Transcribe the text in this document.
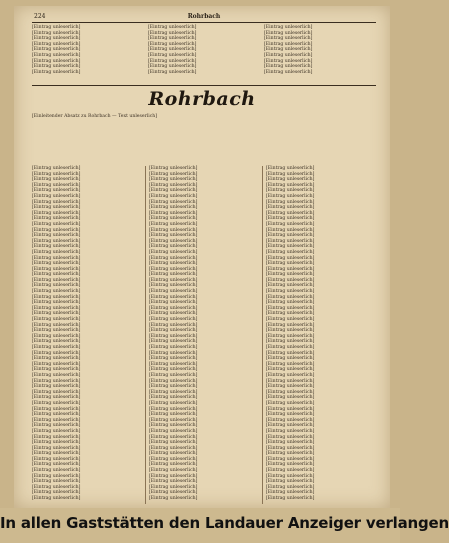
224	Rohrbach
[Eintrag unleserlich]
[Eintrag unleserlich]
[Eintrag unleserlich]
[Eintrag unleserlich]
[Eintrag unleserlich]
[Eintrag unleserlich]
[Eintrag unleserlich]
[Eintrag unleserlich]
[Eintrag unleserlich]
[Eintrag unleserlich]
[Eintrag unleserlich]
[Eintrag unleserlich]
[Eintrag unleserlich]
[Eintrag unleserlich]
[Eintrag unleserlich]
[Eintrag unleserlich]
[Eintrag unleserlich]
[Eintrag unleserlich]
[Eintrag unleserlich]
[Eintrag unleserlich]
[Eintrag unleserlich]
[Eintrag unleserlich]
[Eintrag unleserlich]
[Eintrag unleserlich]
[Eintrag unleserlich]
[Eintrag unleserlich]
[Eintrag unleserlich]
Rohrbach
[Einleitender Absatz zu Rohrbach — Text unleserlich]
[Eintrag unleserlich]
[Eintrag unleserlich]
[Eintrag unleserlich]
[Eintrag unleserlich]
[Eintrag unleserlich]
[Eintrag unleserlich]
[Eintrag unleserlich]
[Eintrag unleserlich]
[Eintrag unleserlich]
[Eintrag unleserlich]
[Eintrag unleserlich]
[Eintrag unleserlich]
[Eintrag unleserlich]
[Eintrag unleserlich]
[Eintrag unleserlich]
[Eintrag unleserlich]
[Eintrag unleserlich]
[Eintrag unleserlich]
[Eintrag unleserlich]
[Eintrag unleserlich]
[Eintrag unleserlich]
[Eintrag unleserlich]
[Eintrag unleserlich]
[Eintrag unleserlich]
[Eintrag unleserlich]
[Eintrag unleserlich]
[Eintrag unleserlich]
[Eintrag unleserlich]
[Eintrag unleserlich]
[Eintrag unleserlich]
[Eintrag unleserlich]
[Eintrag unleserlich]
[Eintrag unleserlich]
[Eintrag unleserlich]
[Eintrag unleserlich]
[Eintrag unleserlich]
[Eintrag unleserlich]
[Eintrag unleserlich]
[Eintrag unleserlich]
[Eintrag unleserlich]
[Eintrag unleserlich]
[Eintrag unleserlich]
[Eintrag unleserlich]
[Eintrag unleserlich]
[Eintrag unleserlich]
[Eintrag unleserlich]
[Eintrag unleserlich]
[Eintrag unleserlich]
[Eintrag unleserlich]
[Eintrag unleserlich]
[Eintrag unleserlich]
[Eintrag unleserlich]
[Eintrag unleserlich]
[Eintrag unleserlich]
[Eintrag unleserlich]
[Eintrag unleserlich]
[Eintrag unleserlich]
[Eintrag unleserlich]
[Eintrag unleserlich]
[Eintrag unleserlich]
[Eintrag unleserlich]
[Eintrag unleserlich]
[Eintrag unleserlich]
[Eintrag unleserlich]
[Eintrag unleserlich]
[Eintrag unleserlich]
[Eintrag unleserlich]
[Eintrag unleserlich]
[Eintrag unleserlich]
[Eintrag unleserlich]
[Eintrag unleserlich]
[Eintrag unleserlich]
[Eintrag unleserlich]
[Eintrag unleserlich]
[Eintrag unleserlich]
[Eintrag unleserlich]
[Eintrag unleserlich]
[Eintrag unleserlich]
[Eintrag unleserlich]
[Eintrag unleserlich]
[Eintrag unleserlich]
[Eintrag unleserlich]
[Eintrag unleserlich]
[Eintrag unleserlich]
[Eintrag unleserlich]
[Eintrag unleserlich]
[Eintrag unleserlich]
[Eintrag unleserlich]
[Eintrag unleserlich]
[Eintrag unleserlich]
[Eintrag unleserlich]
[Eintrag unleserlich]
[Eintrag unleserlich]
[Eintrag unleserlich]
[Eintrag unleserlich]
[Eintrag unleserlich]
[Eintrag unleserlich]
[Eintrag unleserlich]
[Eintrag unleserlich]
[Eintrag unleserlich]
[Eintrag unleserlich]
[Eintrag unleserlich]
[Eintrag unleserlich]
[Eintrag unleserlich]
[Eintrag unleserlich]
[Eintrag unleserlich]
[Eintrag unleserlich]
[Eintrag unleserlich]
[Eintrag unleserlich]
[Eintrag unleserlich]
[Eintrag unleserlich]
[Eintrag unleserlich]
[Eintrag unleserlich]
[Eintrag unleserlich]
[Eintrag unleserlich]
[Eintrag unleserlich]
[Eintrag unleserlich]
[Eintrag unleserlich]
[Eintrag unleserlich]
[Eintrag unleserlich]
[Eintrag unleserlich]
[Eintrag unleserlich]
[Eintrag unleserlich]
[Eintrag unleserlich]
[Eintrag unleserlich]
[Eintrag unleserlich]
[Eintrag unleserlich]
[Eintrag unleserlich]
[Eintrag unleserlich]
[Eintrag unleserlich]
[Eintrag unleserlich]
[Eintrag unleserlich]
[Eintrag unleserlich]
[Eintrag unleserlich]
[Eintrag unleserlich]
[Eintrag unleserlich]
[Eintrag unleserlich]
[Eintrag unleserlich]
[Eintrag unleserlich]
[Eintrag unleserlich]
[Eintrag unleserlich]
[Eintrag unleserlich]
[Eintrag unleserlich]
[Eintrag unleserlich]
[Eintrag unleserlich]
[Eintrag unleserlich]
[Eintrag unleserlich]
[Eintrag unleserlich]
[Eintrag unleserlich]
[Eintrag unleserlich]
[Eintrag unleserlich]
[Eintrag unleserlich]
[Eintrag unleserlich]
[Eintrag unleserlich]
[Eintrag unleserlich]
[Eintrag unleserlich]
[Eintrag unleserlich]
[Eintrag unleserlich]
[Eintrag unleserlich]
[Eintrag unleserlich]
[Eintrag unleserlich]
[Eintrag unleserlich]
[Eintrag unleserlich]
[Eintrag unleserlich]
[Eintrag unleserlich]
[Eintrag unleserlich]
[Eintrag unleserlich]
[Eintrag unleserlich]
[Eintrag unleserlich]
[Eintrag unleserlich]
[Eintrag unleserlich]
[Eintrag unleserlich]
[Eintrag unleserlich]
[Eintrag unleserlich]
[Eintrag unleserlich]
[Eintrag unleserlich]
[Eintrag unleserlich]
[Eintrag unleserlich]
[Eintrag unleserlich]
[Eintrag unleserlich]
In allen Gaststätten den Landauer Anzeiger verlangen
